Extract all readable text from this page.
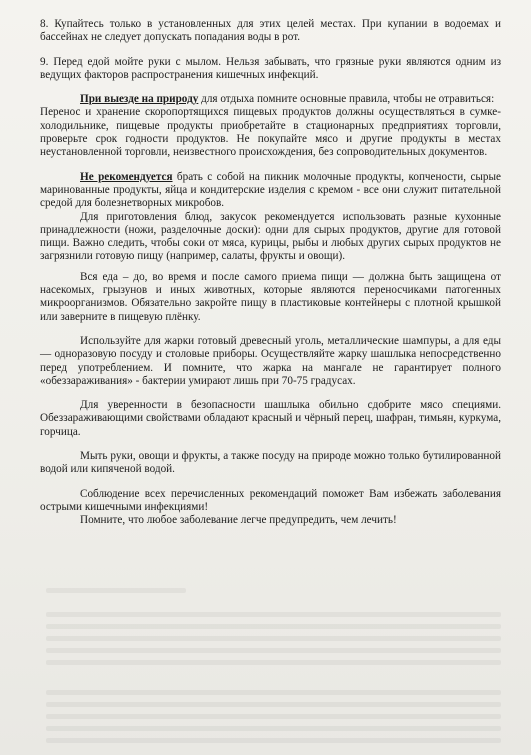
8. Купайтесь только в установленных для этих целей местах. При купании в водоемах и бассейнах не следует допускать попадания воды в рот.

9. Перед едой мойте руки с мылом. Нельзя забывать, что грязные руки являются одним из ведущих факторов распространения кишечных инфекций.

При выезде на природу для отдыха помните основные правила, чтобы не отравиться:

Перенос и хранение скоропортящихся пищевых продуктов должны осуществляться в сумке-холодильнике, пищевые продукты приобретайте в стационарных предприятиях торговли, проверьте срок годности продуктов. Не покупайте мясо и другие продукты в местах неустановленной торговли, неизвестного происхождения, без сопроводительных документов.

Не рекомендуется брать с собой на пикник молочные продукты, копчености, сырые маринованные продукты, яйца и кондитерские изделия с кремом - все они служит питательной средой для болезнетворных микробов.

Для приготовления блюд, закусок рекомендуется использовать разные кухонные принадлежности (ножи, разделочные доски): одни для сырых продуктов, другие для готовой пищи. Важно следить, чтобы соки от мяса, курицы, рыбы и любых других сырых продуктов не загрязнили готовую пищу (например, салаты, фрукты и овощи).

Вся еда – до, во время и после самого приема пищи — должна быть защищена от насекомых, грызунов и иных животных, которые являются переносчиками патогенных микроорганизмов. Обязательно закройте пищу в пластиковые контейнеры с плотной крышкой или заверните в пищевую плёнку.

Используйте для жарки готовый древесный уголь, металлические шампуры, а для еды — одноразовую посуду и столовые приборы. Осуществляйте жарку шашлыка непосредственно перед употреблением. И помните, что жарка на мангале не гарантирует полного «обеззараживания» - бактерии умирают лишь при 70-75 градусах.

Для уверенности в безопасности шашлыка обильно сдобрите мясо специями. Обеззараживающими свойствами обладают красный и чёрный перец, шафран, тимьян, куркума, горчица.

Мыть руки, овощи и фрукты, а также посуду на природе можно только бутилированной водой или кипяченой водой.

Соблюдение всех перечисленных рекомендаций поможет Вам избежать заболевания острыми кишечными инфекциями!

Помните, что любое заболевание легче предупредить, чем лечить!
